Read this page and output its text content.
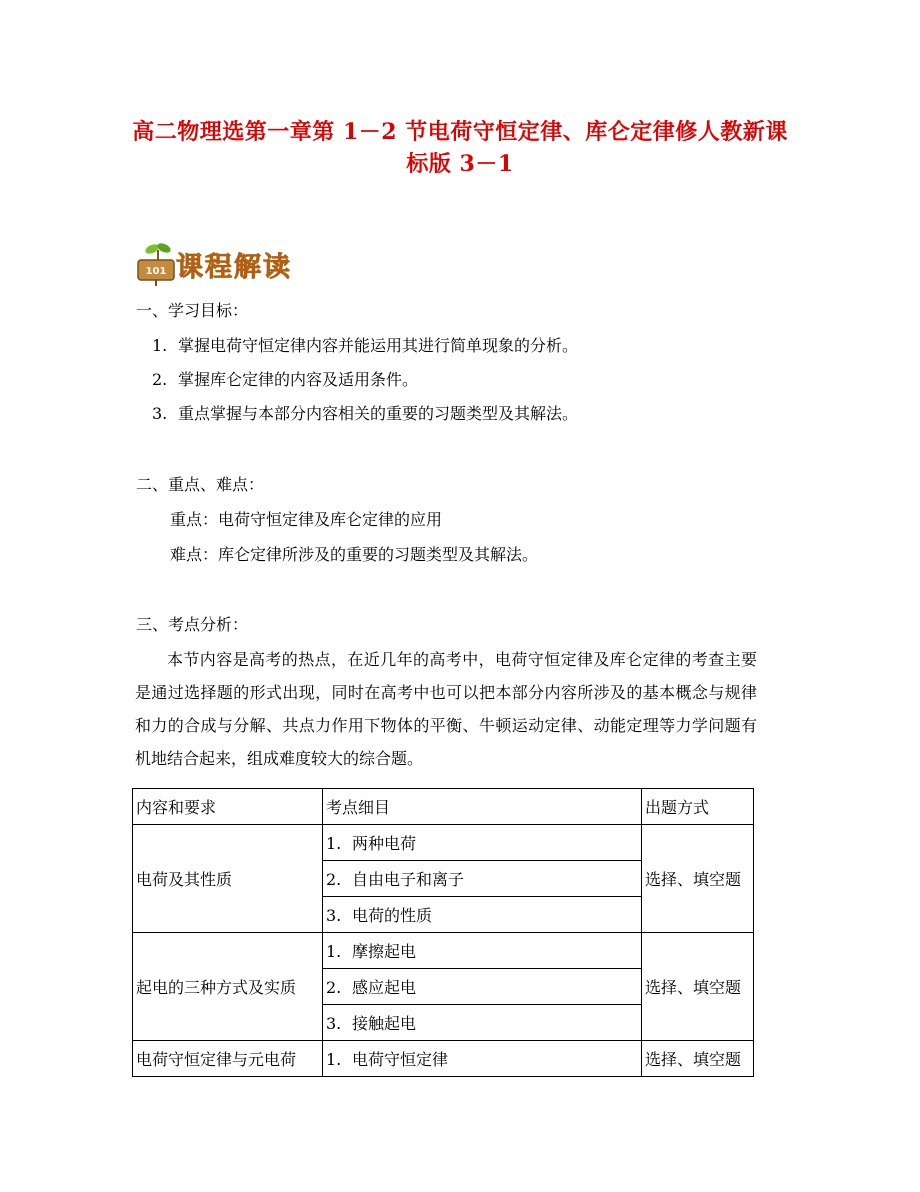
高二物理选第一章第 1－2 节电荷守恒定律、库仑定律修人教新课
标版 3－1
101 课程解读
一、学习目标：
1. 掌握电荷守恒定律内容并能运用其进行简单现象的分析。
2. 掌握库仑定律的内容及适用条件。
3. 重点掌握与本部分内容相关的重要的习题类型及其解法。
二、重点、难点：
重点：电荷守恒定律及库仑定律的应用
难点：库仑定律所涉及的重要的习题类型及其解法。
三、考点分析：
本节内容是高考的热点，在近几年的高考中，电荷守恒定律及库仑定律的考查主要是通过选择题的形式出现，同时在高考中也可以把本部分内容所涉及的基本概念与规律和力的合成与分解、共点力作用下物体的平衡、牛顿运动定律、动能定理等力学问题有机地结合起来，组成难度较大的综合题。
内容和要求	考点细目	出题方式
电荷及其性质	1. 两种电荷	选择、填空题
	2. 自由电子和离子	
	3. 电荷的性质	
起电的三种方式及实质	1. 摩擦起电	选择、填空题
	2. 感应起电	
	3. 接触起电	
电荷守恒定律与元电荷	1. 电荷守恒定律	选择、填空题
